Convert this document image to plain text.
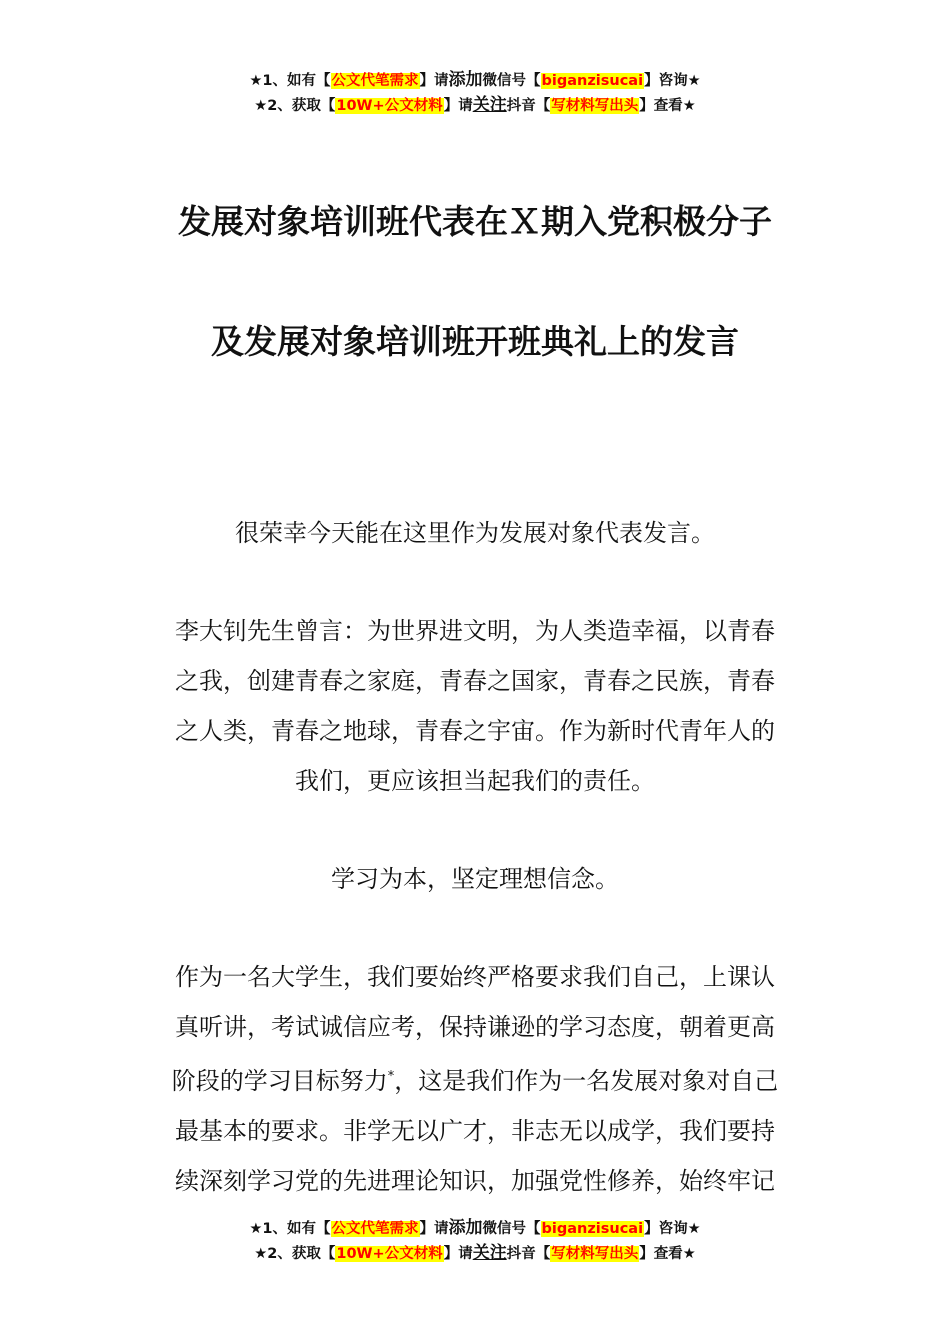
★1、如有【公文代笔需求】请添加微信号【biganzisucai】咨询★
★2、获取【10W+公文材料】请关注抖音【写材料写出头】查看★
发展对象培训班代表在Ｘ期入党积极分子
及发展对象培训班开班典礼上的发言

很荣幸今天能在这里作为发展对象代表发言。

李大钊先生曾言：为世界进文明，为人类造幸福，以青春
之我，创建青春之家庭，青春之国家，青春之民族，青春
之人类，青春之地球，青春之宇宙。作为新时代青年人的
我们，更应该担当起我们的责任。

学习为本，坚定理想信念。

作为一名大学生，我们要始终严格要求我们自己，上课认
真听讲，考试诚信应考，保持谦逊的学习态度，朝着更高
阶段的学习目标努力*，这是我们作为一名发展对象对自己
最基本的要求。非学无以广才，非志无以成学，我们要持
续深刻学习党的先进理论知识，加强党性修养，始终牢记

★1、如有【公文代笔需求】请添加微信号【biganzisucai】咨询★
★2、获取【10W+公文材料】请关注抖音【写材料写出头】查看★
